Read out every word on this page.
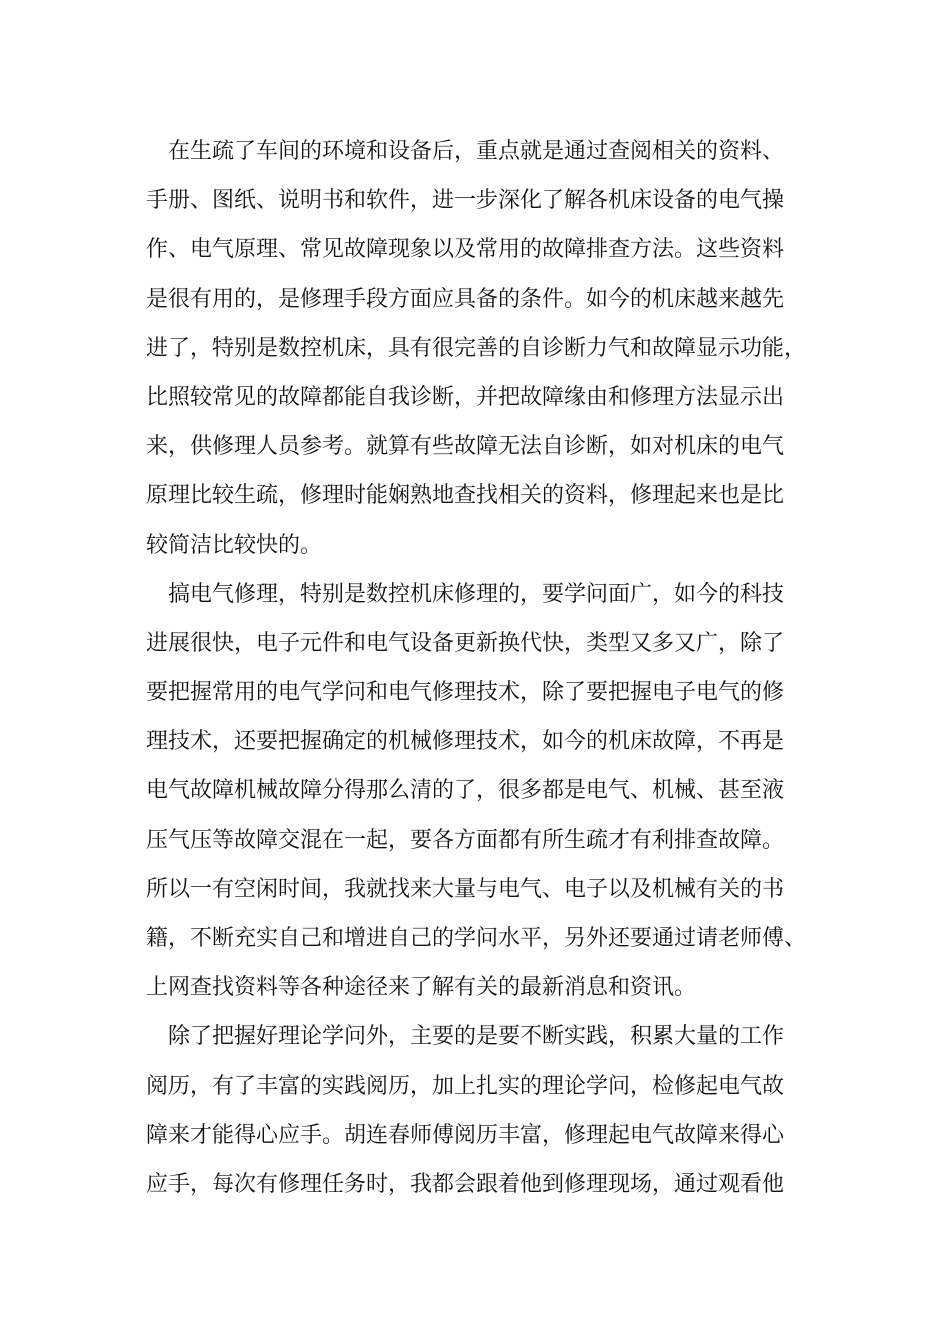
　在生疏了车间的环境和设备后，重点就是通过查阅相关的资料、
手册、图纸、说明书和软件，进一步深化了解各机床设备的电气操
作、电气原理、常见故障现象以及常用的故障排查方法。这些资料
是很有用的，是修理手段方面应具备的条件。如今的机床越来越先
进了，特别是数控机床，具有很完善的自诊断力气和故障显示功能，
比照较常见的故障都能自我诊断，并把故障缘由和修理方法显示出
来，供修理人员参考。就算有些故障无法自诊断，如对机床的电气
原理比较生疏，修理时能娴熟地查找相关的资料，修理起来也是比
较简洁比较快的。
　搞电气修理，特别是数控机床修理的，要学问面广，如今的科技
进展很快，电子元件和电气设备更新换代快，类型又多又广，除了
要把握常用的电气学问和电气修理技术，除了要把握电子电气的修
理技术，还要把握确定的机械修理技术，如今的机床故障，不再是
电气故障机械故障分得那么清的了，很多都是电气、机械、甚至液
压气压等故障交混在一起，要各方面都有所生疏才有利排查故障。
所以一有空闲时间，我就找来大量与电气、电子以及机械有关的书
籍，不断充实自己和增进自己的学问水平，另外还要通过请老师傅、
上网查找资料等各种途径来了解有关的最新消息和资讯。
　除了把握好理论学问外，主要的是要不断实践，积累大量的工作
阅历，有了丰富的实践阅历，加上扎实的理论学问，检修起电气故
障来才能得心应手。胡连春师傅阅历丰富，修理起电气故障来得心
应手，每次有修理任务时，我都会跟着他到修理现场，通过观看他
